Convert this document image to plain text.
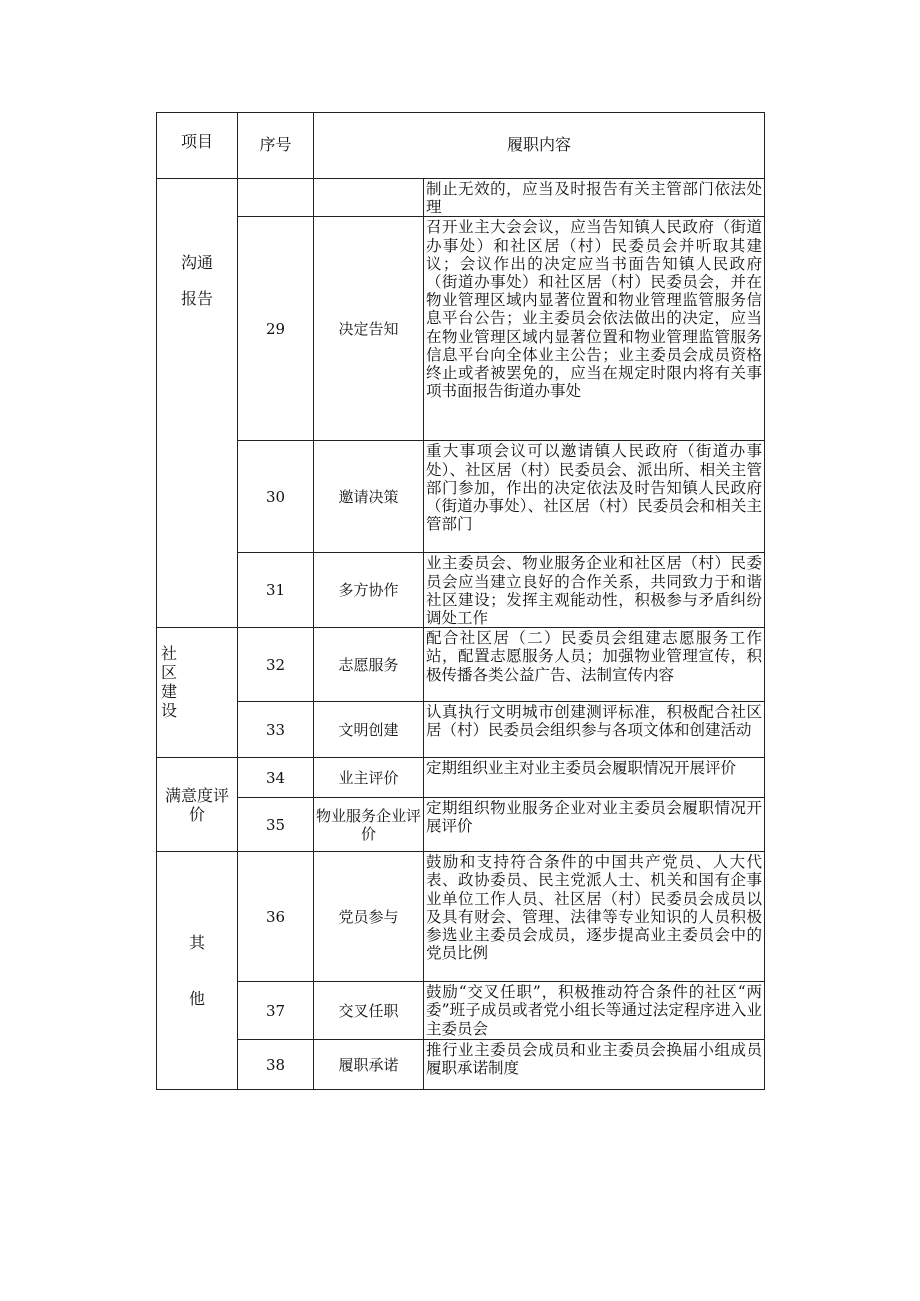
项目	序号	履职内容	

沟通
报告			制止无效的，应当及时报告有关主管部门依法处理
	29	决定告知	召开业主大会会议，应当告知镇人民政府（街道办事处）和社区居（村）民委员会并听取其建议；会议作出的决定应当书面告知镇人民政府（街道办事处）和社区居（村）民委员会，并在物业管理区域内显著位置和物业管理监管服务信息平台公告；业主委员会依法做出的决定，应当在物业管理区域内显著位置和物业管理监管服务信息平台向全体业主公告；业主委员会成员资格终止或者被罢免的，应当在规定时限内将有关事项书面报告街道办事处
	30	邀请决策	重大事项会议可以邀请镇人民政府（街道办事处）、社区居（村）民委员会、派出所、相关主管部门参加，作出的决定依法及时告知镇人民政府（街道办事处）、社区居（村）民委员会和相关主管部门
	31	多方协作	业主委员会、物业服务企业和社区居（村）民委员会应当建立良好的合作关系，共同致力于和谐社区建设；发挥主观能动性，积极参与矛盾纠纷调处工作

社
区
建
设	32	志愿服务	配合社区居（二）民委员会组建志愿服务工作站，配置志愿服务人员；加强物业管理宣传，积极传播各类公益广告、法制宣传内容
	33	文明创建	认真执行文明城市创建测评标准，积极配合社区居（村）民委员会组织参与各项文体和创建活动

满意度评
价	34	业主评价	定期组织业主对业主委员会履职情况开展评价
	35	物业服务企业评价	定期组织物业服务企业对业主委员会履职情况开展评价

其
他	36	党员参与	鼓励和支持符合条件的中国共产党员、人大代表、政协委员、民主党派人士、机关和国有企事业单位工作人员、社区居（村）民委员会成员以及具有财会、管理、法律等专业知识的人员积极参选业主委员会成员，逐步提高业主委员会中的党员比例
	37	交叉任职	鼓励“交叉任职”，积极推动符合条件的社区“两委”班子成员或者党小组长等通过法定程序进入业主委员会
	38	履职承诺	推行业主委员会成员和业主委员会换届小组成员履职承诺制度
